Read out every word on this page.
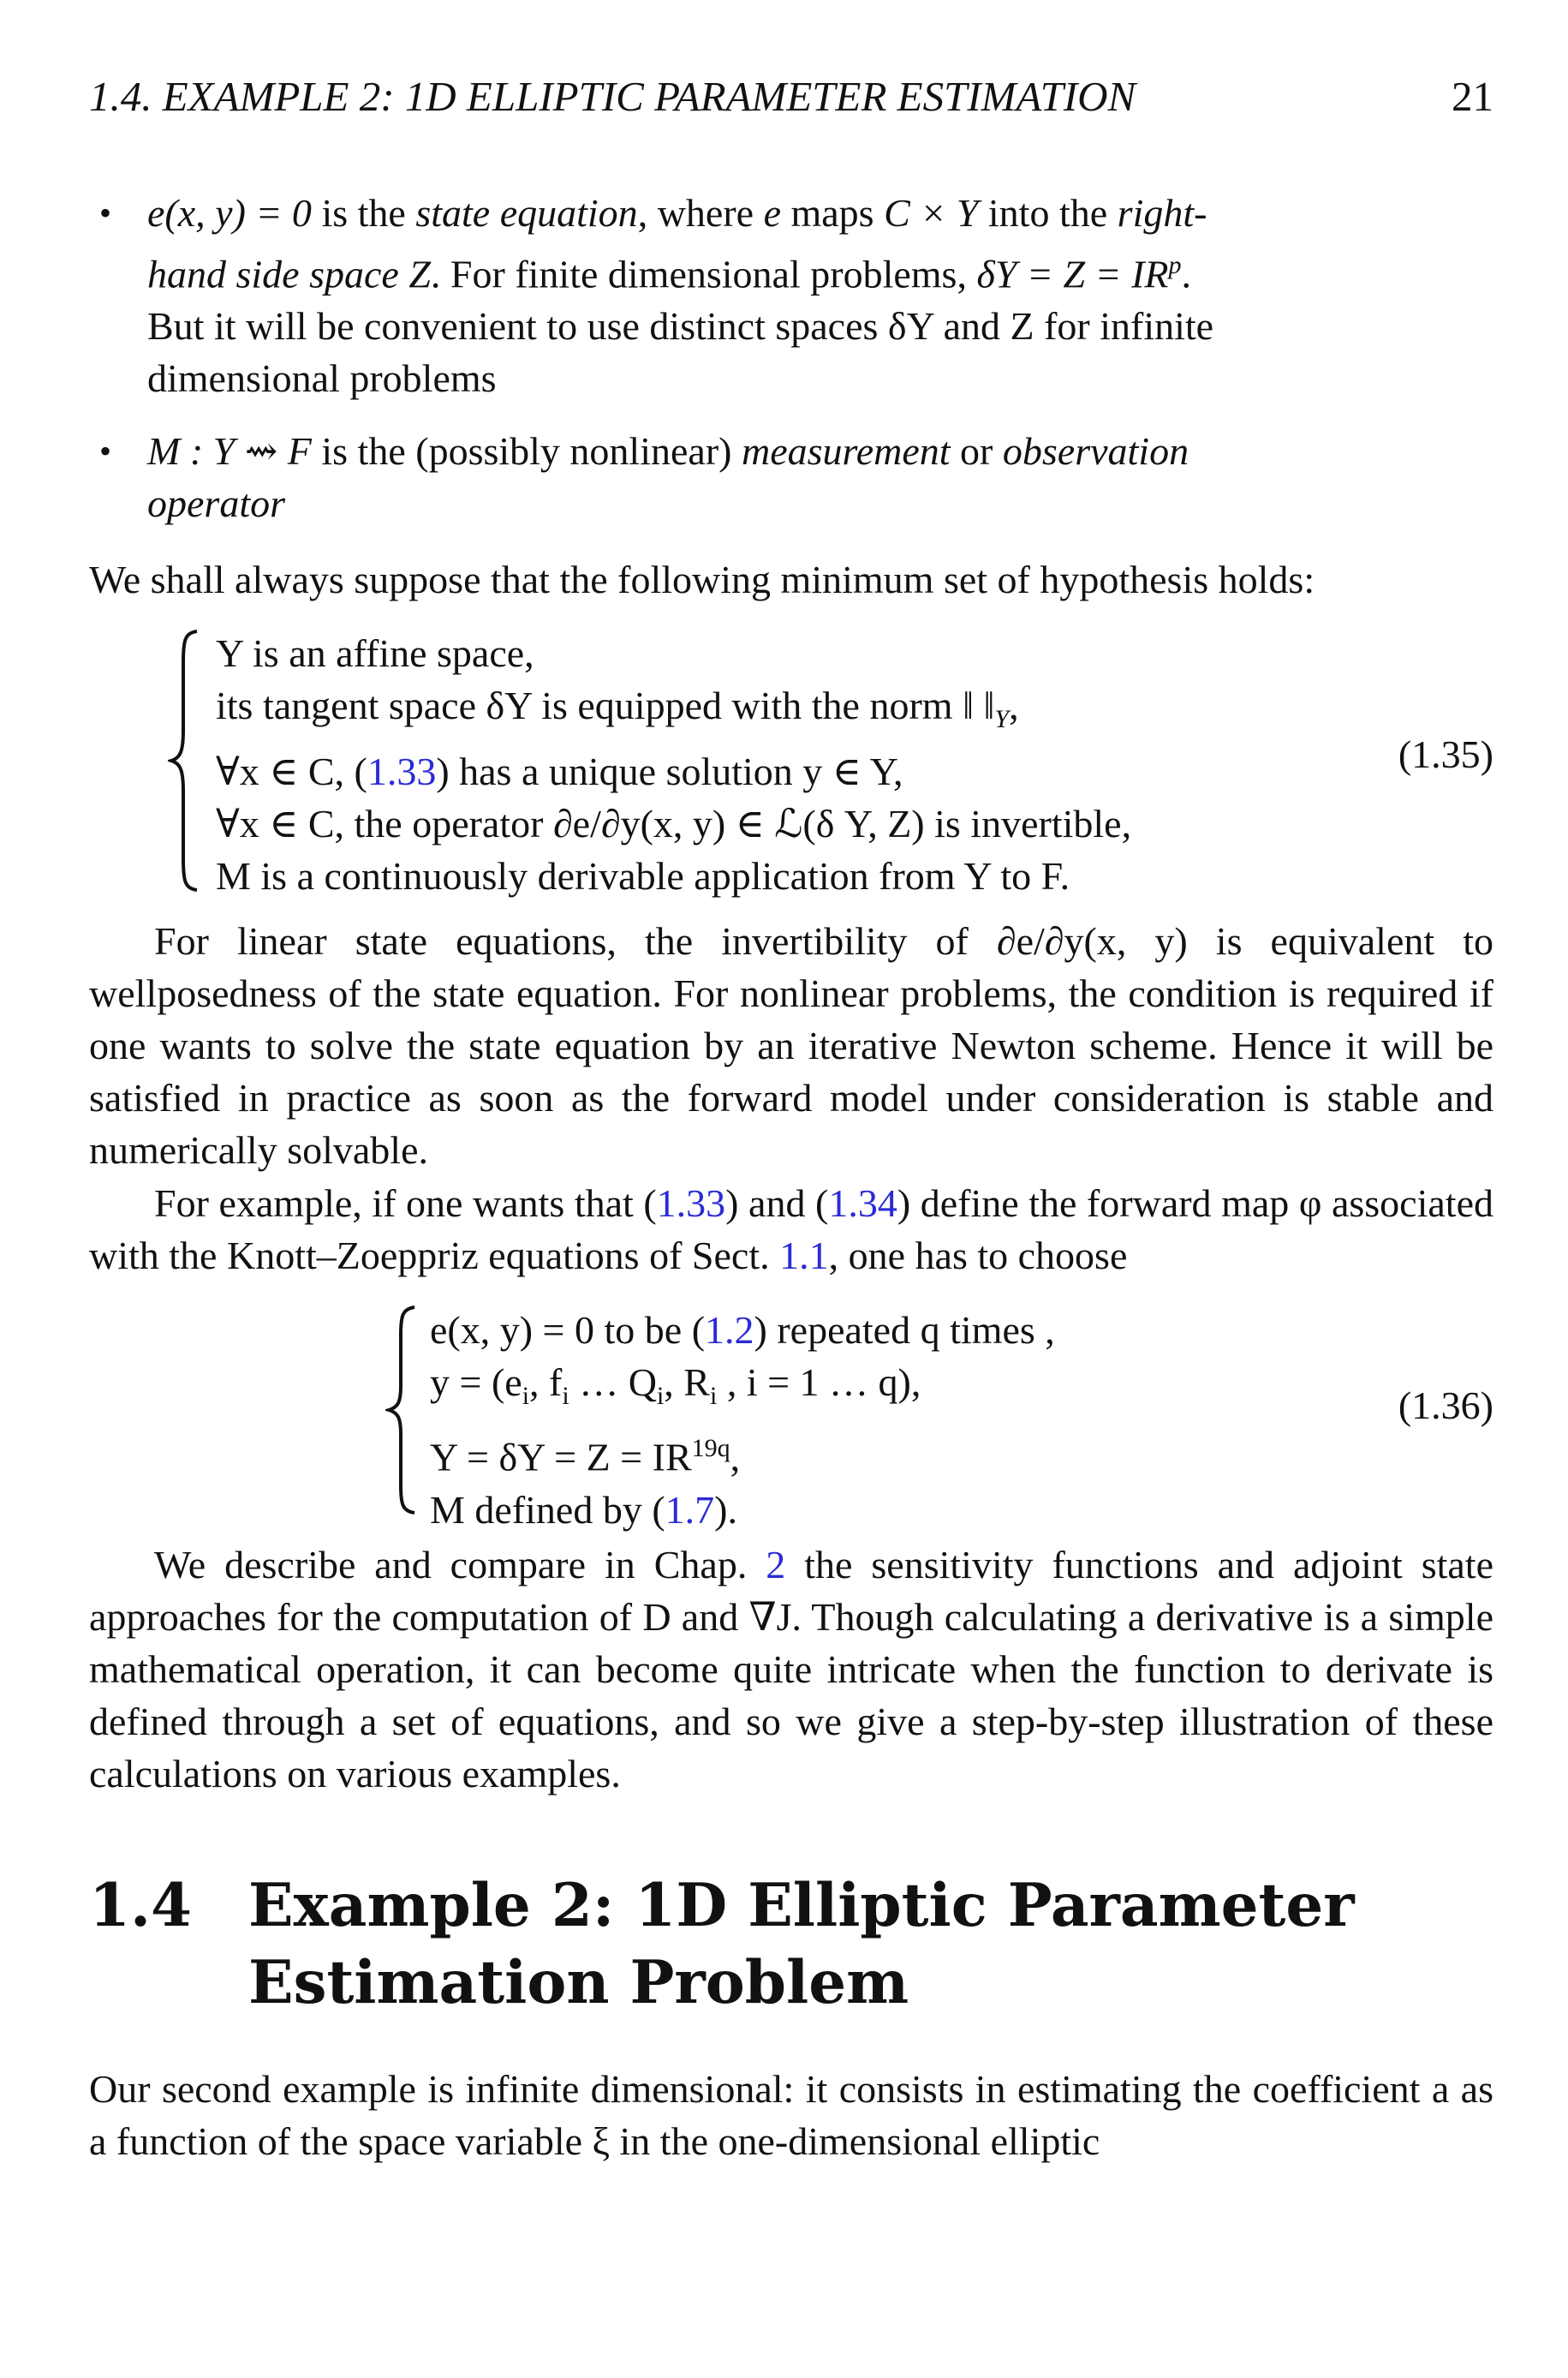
1.4. EXAMPLE 2: 1D ELLIPTIC PARAMETER ESTIMATION	21
• e(x, y) = 0 is the state equation, where e maps C × Y into the right-
hand side space Z. For finite dimensional problems, $\delta Y = Z = IR^p$.
But it will be convenient to use distinct spaces δY and Z for infinite
dimensional problems
• M : Y ⇝ F is the (possibly nonlinear) measurement or observation
operator
We shall always suppose that the following minimum set of hypothesis holds:
Y is an affine space,
its tangent space δY is equipped with the norm ‖ $‖_Y$,
∀x ∈ C, (1.33) has a unique solution y ∈ Y,
∀x ∈ C, the operator ∂e/∂y(x, y) ∈ ℒ(δ Y, Z) is invertible,
M is a continuously derivable application from Y to F.
(1.35)
For linear state equations, the invertibility of ∂e/∂y(x, y) is equivalent to wellposedness of the state equation. For nonlinear problems, the condition is required if one wants to solve the state equation by an iterative Newton scheme. Hence it will be satisfied in practice as soon as the forward model under consideration is stable and numerically solvable.
For example, if one wants that (1.33) and (1.34) define the forward map φ associated with the Knott–Zoeppriz equations of Sect. 1.1, one has to choose
e(x, y) = 0 to be (1.2) repeated q times ,
$y = (e_i$, $f_i$ … $Q_i$, $R_i$ , i = 1 … q),
$Y = \delta Y = Z = IR^{19q}$,
M defined by (1.7).
(1.36)
We describe and compare in Chap. 2 the sensitivity functions and adjoint state approaches for the computation of D and ∇J. Though calculating a derivative is a simple mathematical operation, it can become quite intricate when the function to derivate is defined through a set of equations, and so we give a step-by-step illustration of these calculations on various examples.
1.4 Example 2: 1D Elliptic Parameter Estimation Problem
Our second example is infinite dimensional: it consists in estimating the coefficient a as a function of the space variable ξ in the one-dimensional elliptic
